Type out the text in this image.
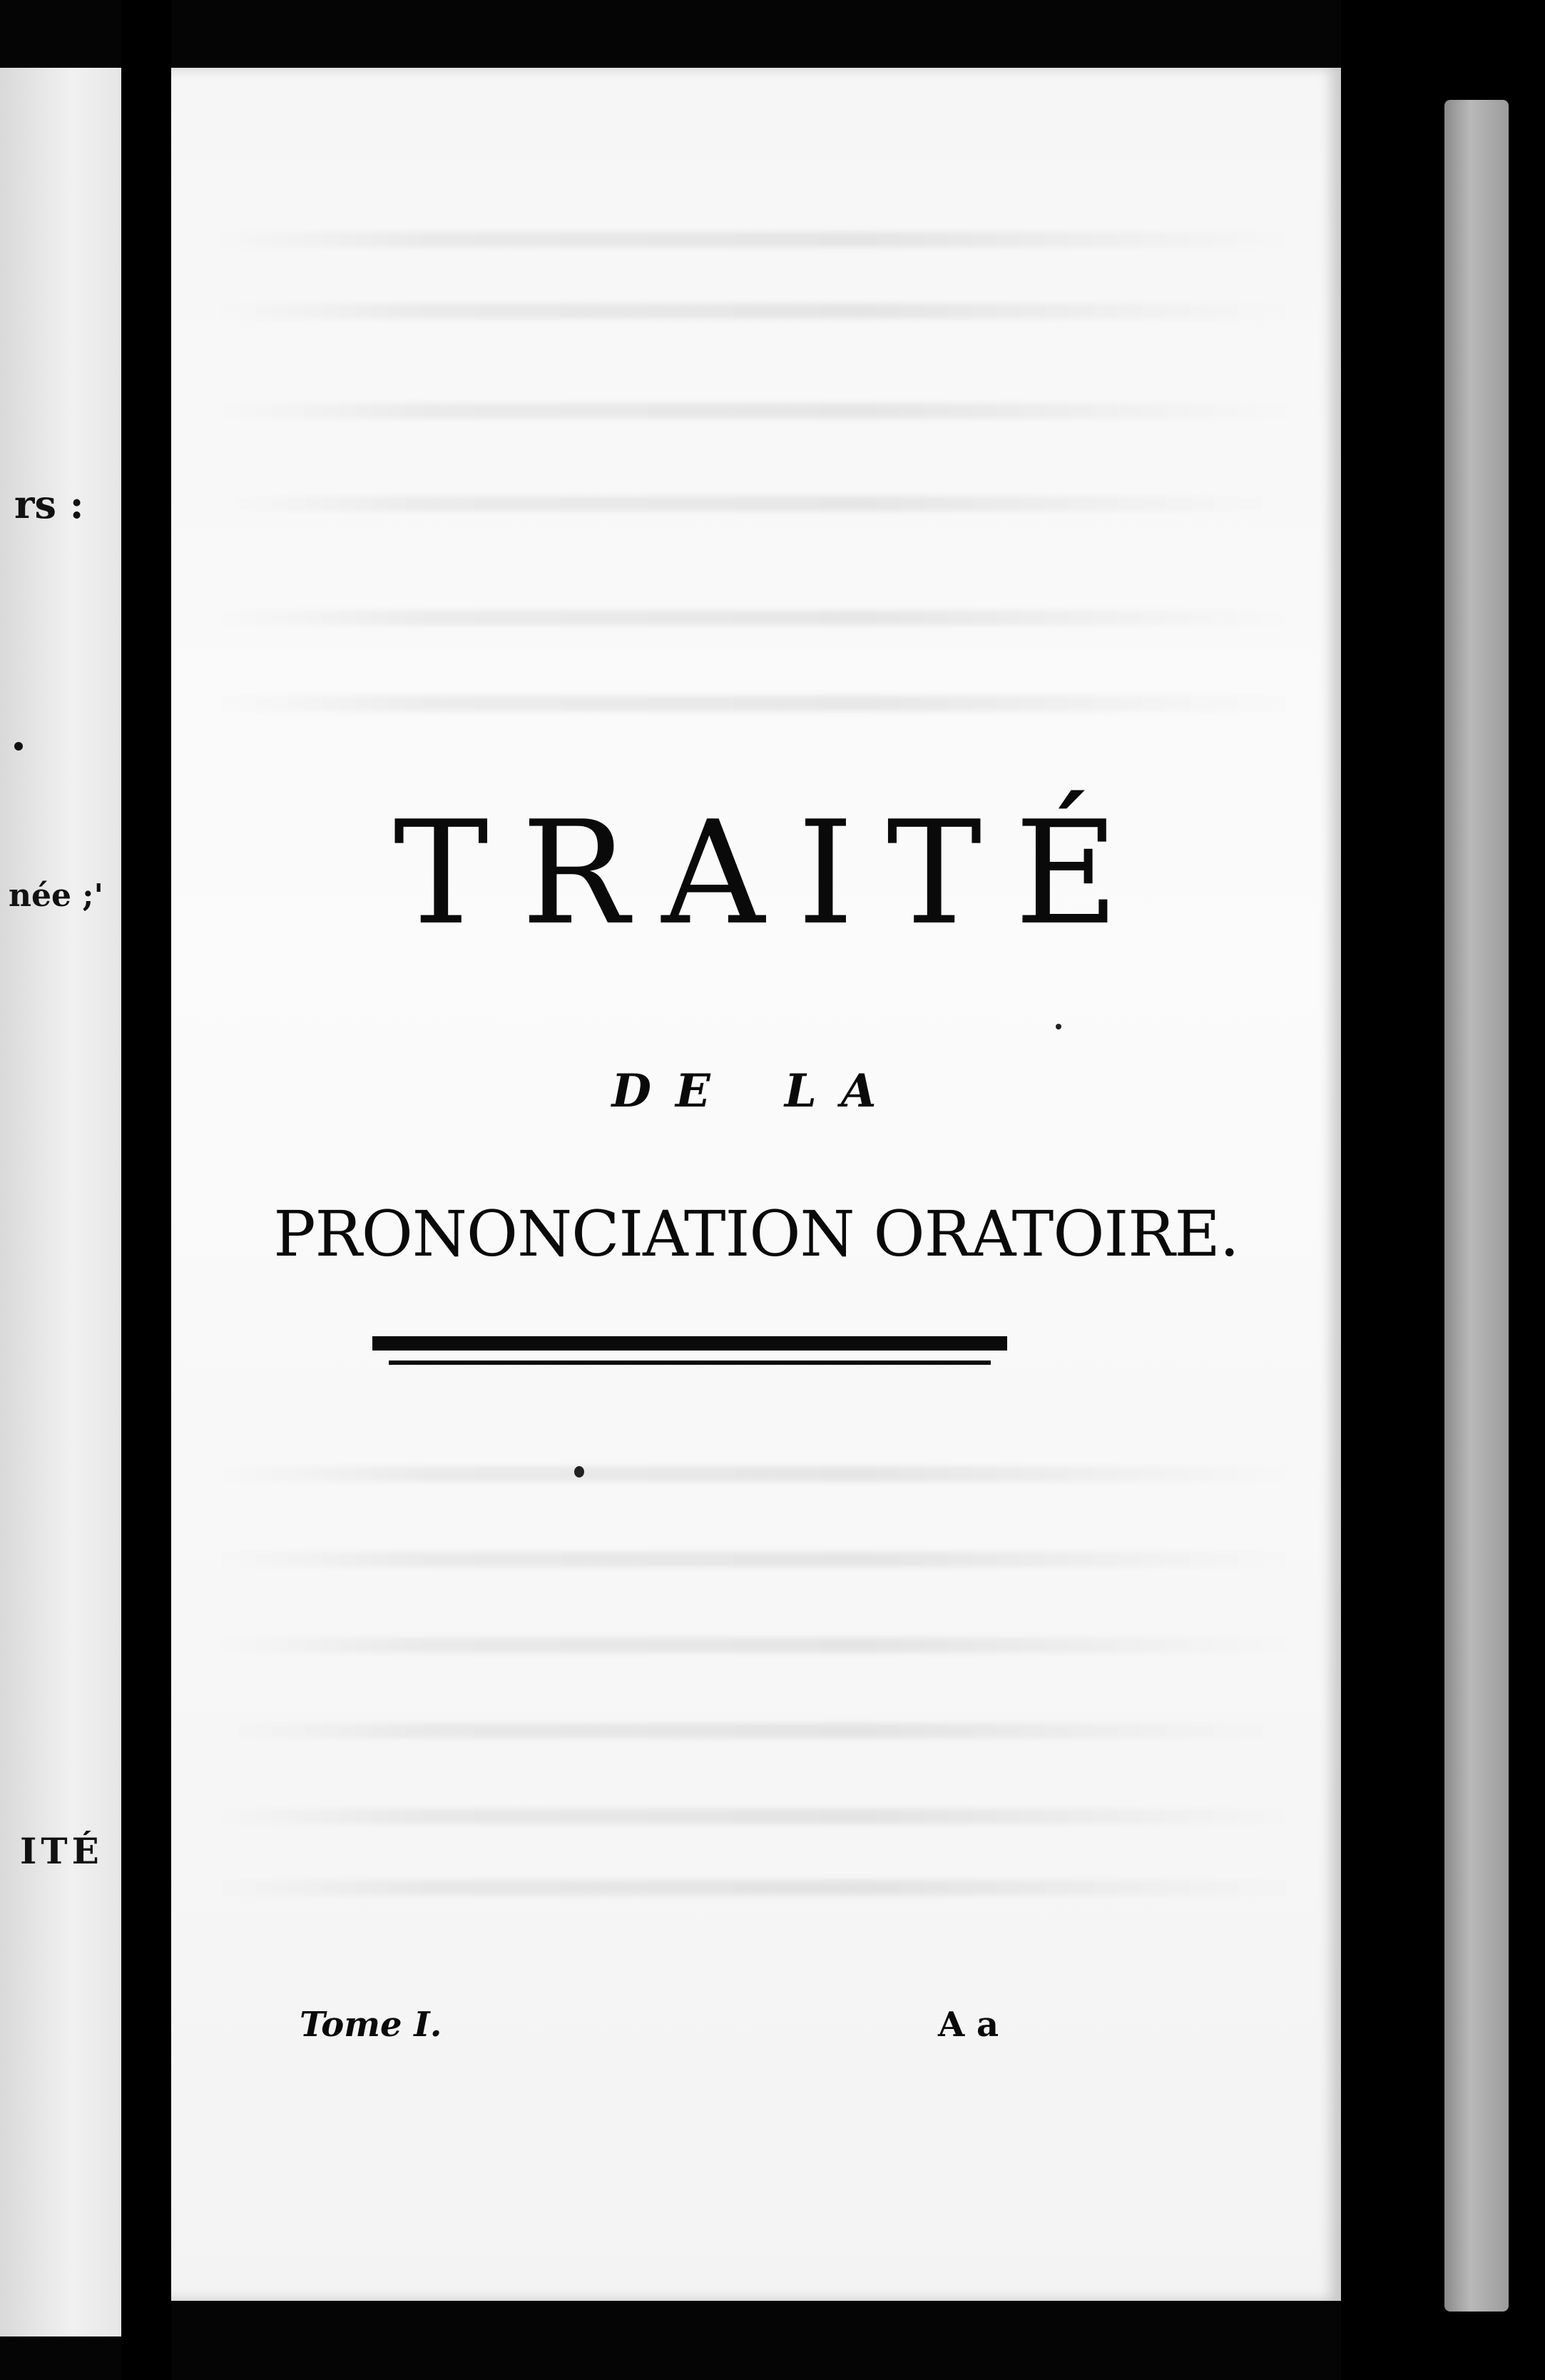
rs :
née ;'
ITÉ
TRAITÉ
DE LA
PRONONCIATION ORATOIRE.
Tome I.	A a
